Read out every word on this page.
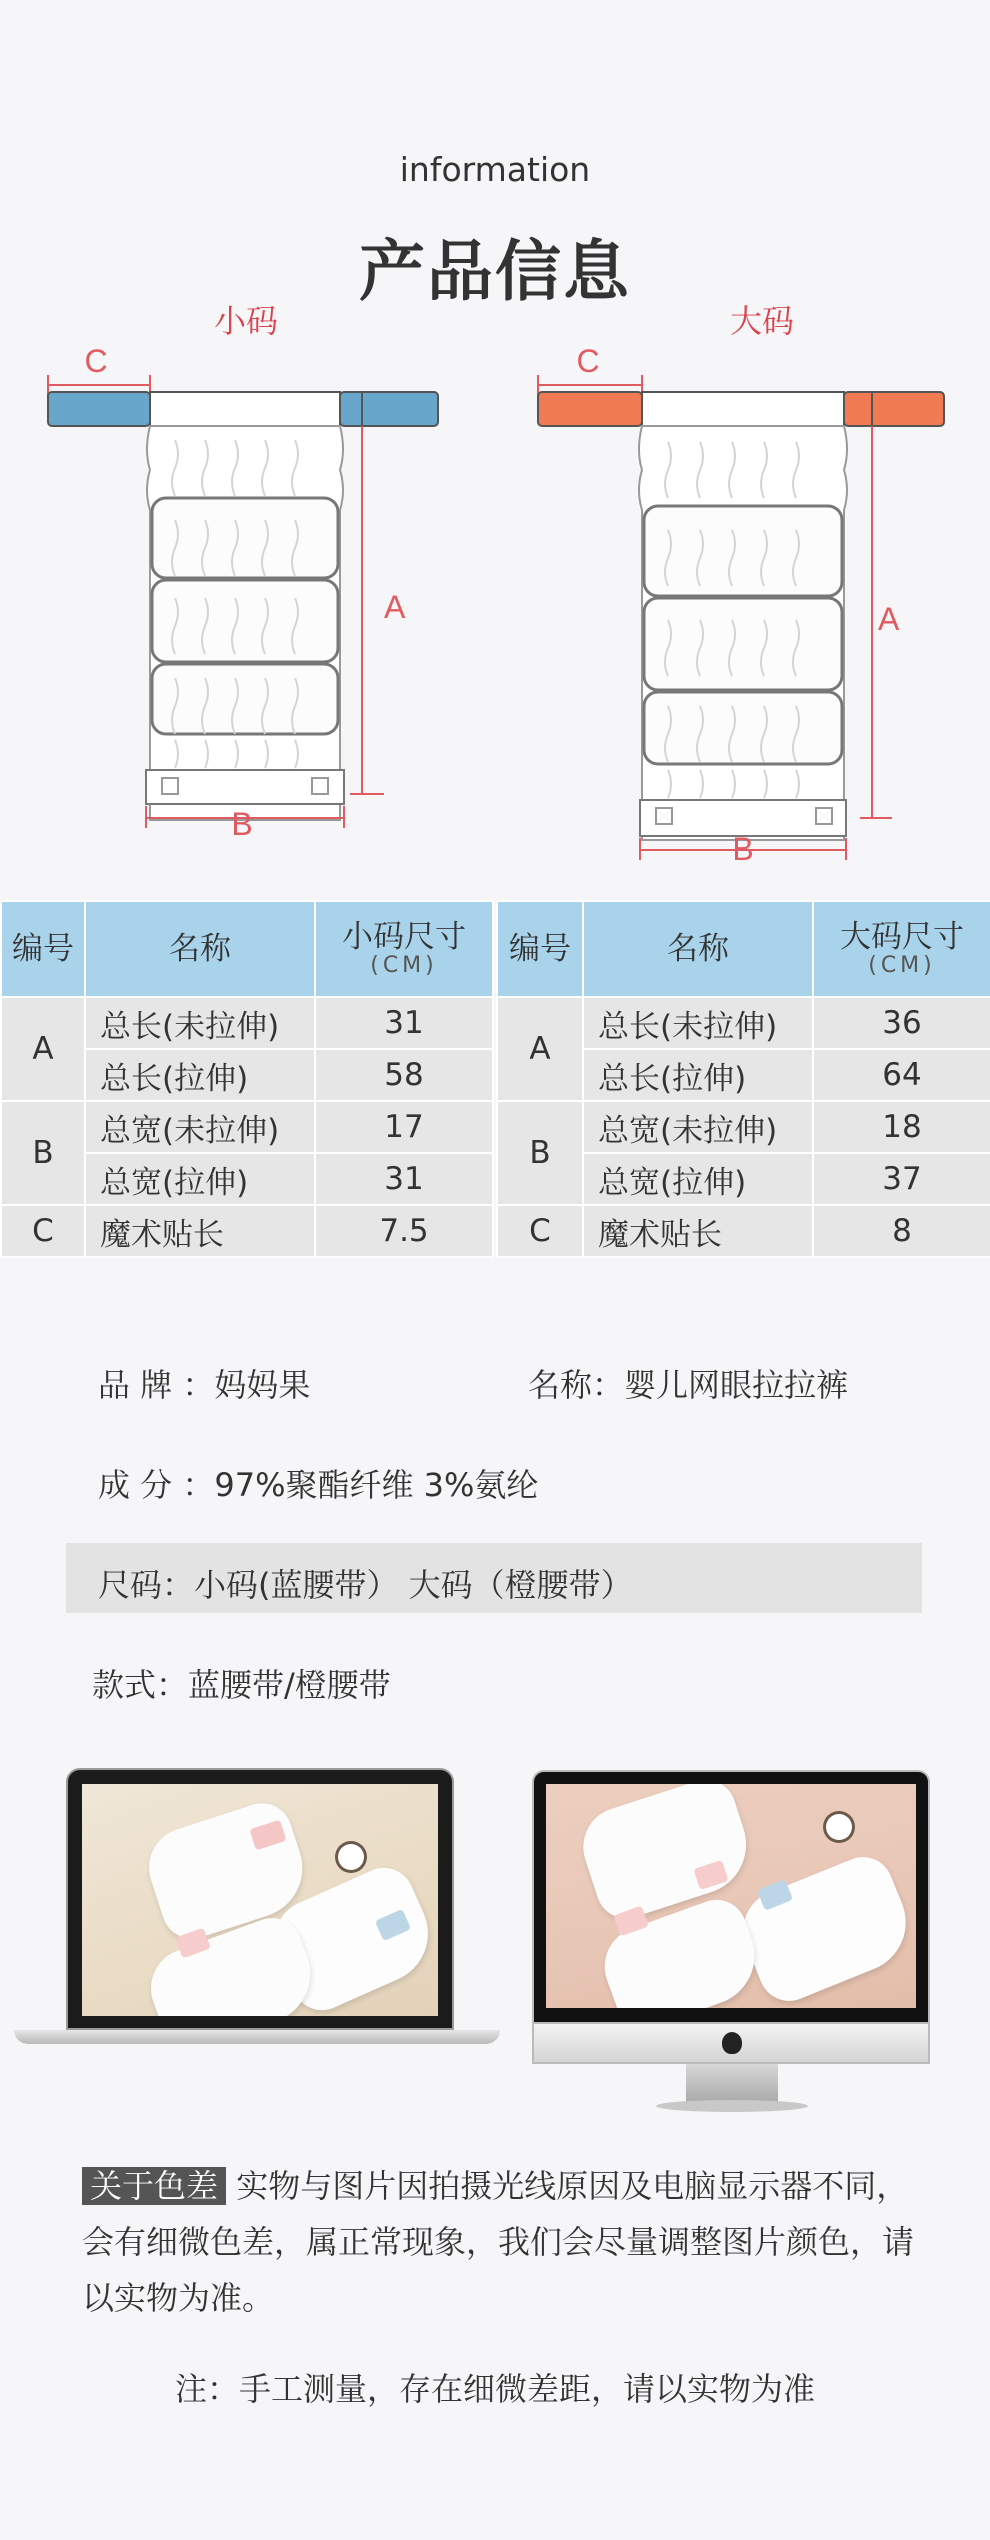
information
产品信息
小码	大码
C
A
B
C
A
B
编号	名称	小码尺寸
(CM)

A	总长(未拉伸)	31
	总长(拉伸)	58
B	总宽(未拉伸)	17
	总宽(拉伸)	31
C	魔术贴长	7.5
编号	名称	大码尺寸
(CM)

A	总长(未拉伸)	36
	总长(拉伸)	64
B	总宽(未拉伸)	18
	总宽(拉伸)	37
C	魔术贴长	8
品 牌 ：妈妈果	名称：婴儿网眼拉拉裤
成 分 ：97%聚酯纤维 3%氨纶
尺码：小码(蓝腰带） 大码（橙腰带）
款式：蓝腰带/橙腰带
关于色差 实物与图片因拍摄光线原因及电脑显示器不同，会有细微色差，属正常现象，我们会尽量调整图片颜色，请以实物为准。
注：手工测量，存在细微差距，请以实物为准
